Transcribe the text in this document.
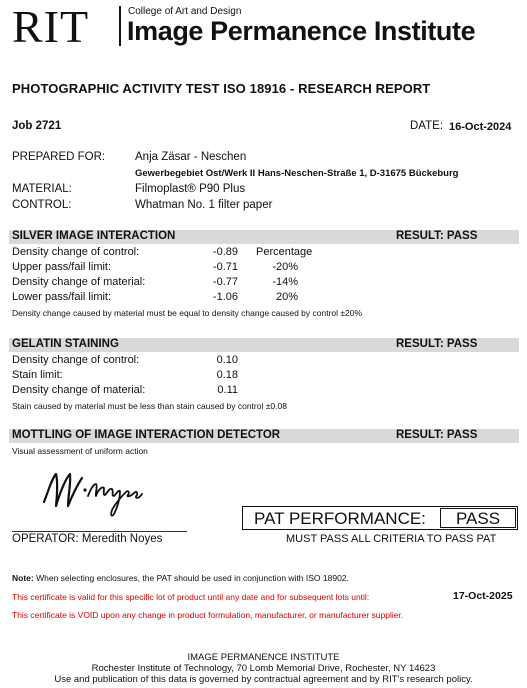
RIT	College of Art and Design
Image Permanence Institute
PHOTOGRAPHIC ACTIVITY TEST ISO 18916 - RESEARCH REPORT
Job 2721	DATE: 16-Oct-2024
PREPARED FOR:	Anja Zäsar - Neschen
Gewerbegebiet Ost/Werk II Hans-Neschen-Straße 1, D-31675 Bückeburg
MATERIAL:	Filmoplast® P90 Plus
CONTROL:	Whatman No. 1 filter paper
SILVER IMAGE INTERACTION	RESULT: PASS
Density change of control:	-0.89 Percentage
Upper pass/fail limit:	-0.71	-20%
Density change of material:	-0.77	-14%
Lower pass/fail limit:	-1.06	20%
Density change caused by material must be equal to density change caused by control ±20%
GELATIN STAINING	RESULT: PASS
Density change of control:	0.10
Stain limit:	0.18
Density change of material:	0.11
Stain caused by material must be less than stain caused by control ±0.08
MOTTLING OF IMAGE INTERACTION DETECTOR	RESULT: PASS
Visual assessment of uniform action
OPERATOR: Meredith Noyes
PAT PERFORMANCE:	PASS
MUST PASS ALL CRITERIA TO PASS PAT
Note: When selecting enclosures, the PAT should be used in conjunction with ISO 18902.
This certificate is valid for this specific lot of product until any date and for subsequent lots until:	17-Oct-2025
This certificate is VOID upon any change in product formulation, manufacturer, or manufacturer supplier.
IMAGE PERMANENCE INSTITUTE
Rochester Institute of Technology, 70 Lomb Memorial Drive, Rochester, NY 14623
Use and publication of this data is governed by contractual agreement and by RIT's research policy.
